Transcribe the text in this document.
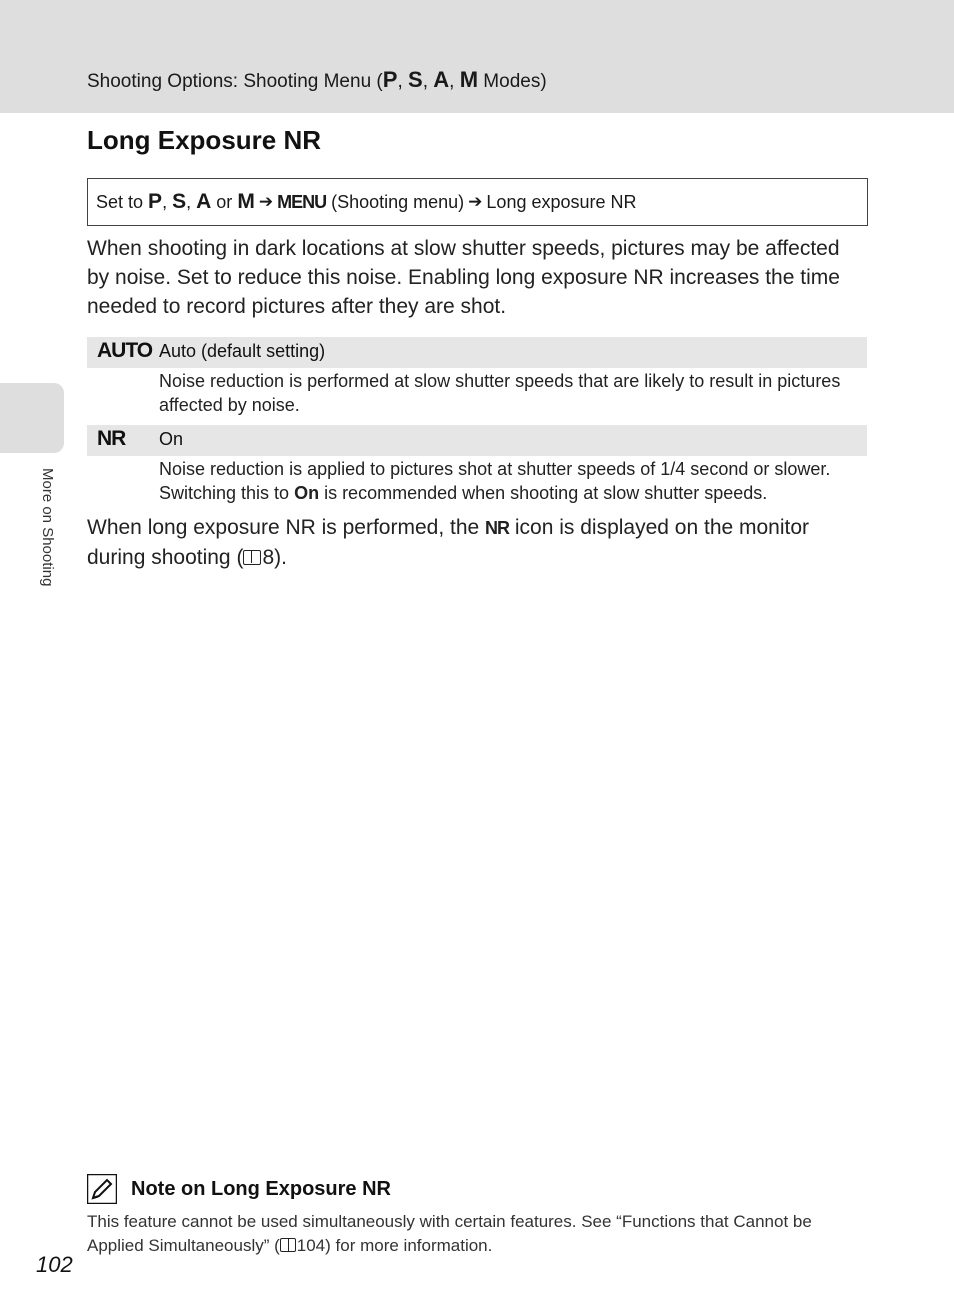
Shooting Options: Shooting Menu (P, S, A, M Modes)
More on Shooting
Long Exposure NR
Set to
P , S , A
or
M ➔ MENU
(Shooting menu) ➔ Long exposure NR

When shooting in dark locations at slow shutter speeds, pictures may be affected by noise. Set to reduce this noise. Enabling long exposure NR increases the time needed to record pictures after they are shot.

AUTO Auto (default setting)

Noise reduction is performed at slow shutter speeds that are likely to result in pictures affected by noise.

NR On

Noise reduction is applied to pictures shot at shutter speeds of 1/4 second or slower. Switching this to On is recommended when shooting at slow shutter speeds.

When long exposure NR is performed, the NR icon is displayed on the monitor during shooting ( 8).

Note on Long Exposure NR

This feature cannot be used simultaneously with certain features. See “Functions that Cannot be Applied Simultaneously” ( 104) for more information.

102
